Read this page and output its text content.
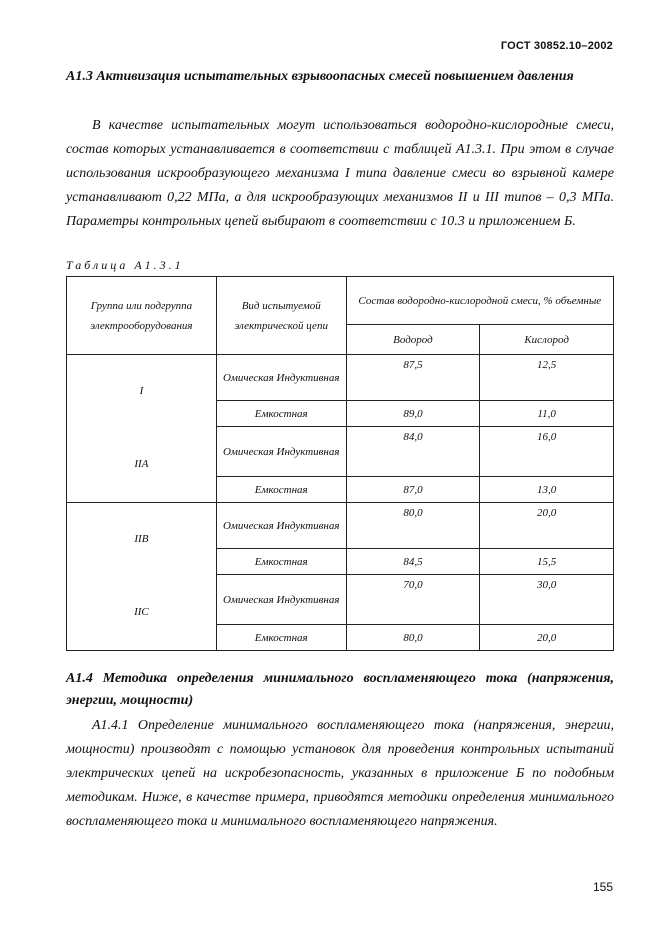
ГОСТ 30852.10–2002
А1.3 Активизация испытательных взрывоопасных смесей повышением давления
В качестве испытательных могут использоваться водородно-кислородные смеси, состав которых устанавливается в соответствии с таблицей А1.3.1. При этом в случае использования искрообразующего механизма I типа давление смеси во взрывной камере устанавливают 0,22 МПа, а для искрообразующих механизмов II и III типов – 0,3 МПа. Параметры контрольных цепей выбирают в соответствии с 10.3 и приложением Б.
Таблица А1.3.1
Группа или подгруппа электрооборудования	Вид испытуемой электрической цепи	Состав водородно-кислородной смеси, % объемные	
		Водород	Кислород
I	Омическая Индуктивная	87,5	12,5
	Емкостная	89,0	11,0
IIA	Омическая Индуктивная	84,0	16,0
	Емкостная	87,0	13,0
IIB	Омическая Индуктивная	80,0	20,0
	Емкостная	84,5	15,5
IIC	Омическая Индуктивная	70,0	30,0
	Емкостная	80,0	20,0
А1.4 Методика определения минимального воспламеняющего тока (напряжения, энергии, мощности)
А1.4.1 Определение минимального воспламеняющего тока (напряжения, энергии, мощности) производят с помощью установок для проведения контрольных испытаний электрических цепей на искробезопасность, указанных в приложение Б по подобным методикам. Ниже, в качестве примера, приводятся методики определения минимального воспламеняющего тока и минимального воспламеняющего напряжения.
155
